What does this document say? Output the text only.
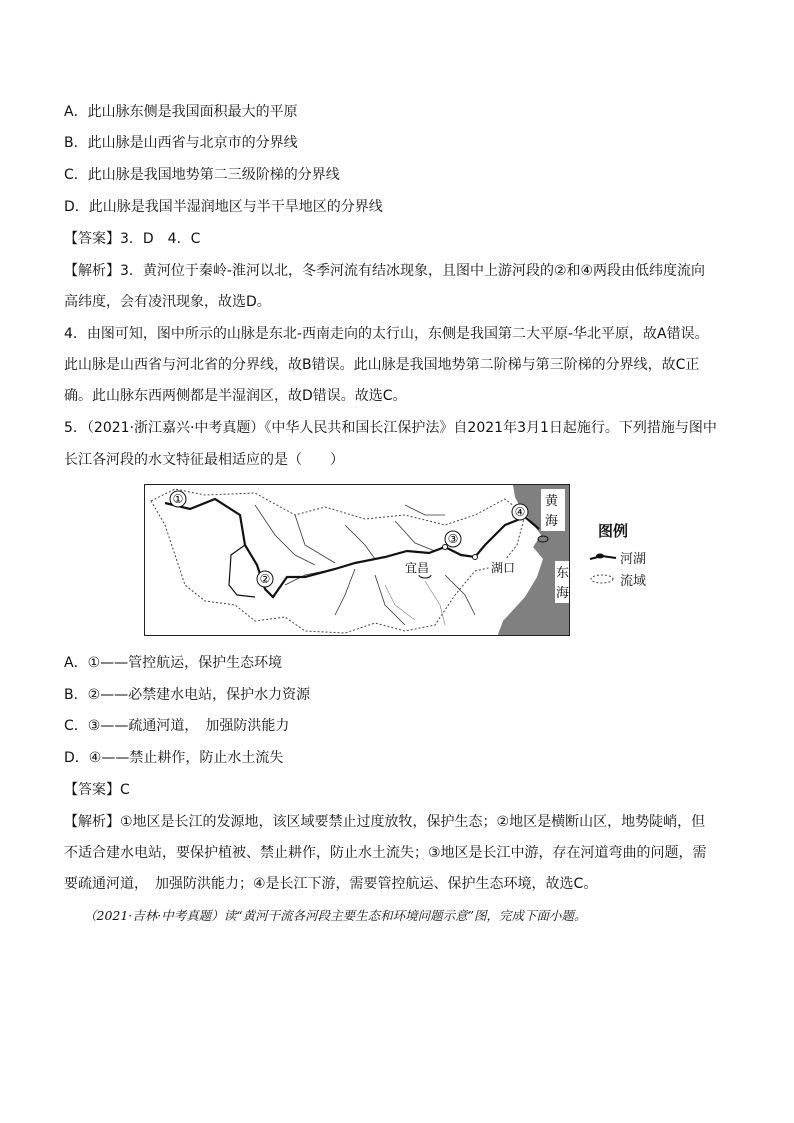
A．此山脉东侧是我国面积最大的平原
B．此山脉是山西省与北京市的分界线
C．此山脉是我国地势第二三级阶梯的分界线
D．此山脉是我国半湿润地区与半干旱地区的分界线
【答案】3．D　4．C
【解析】3．黄河位于秦岭-淮河以北，冬季河流有结冰现象，且图中上游河段的②和④两段由低纬度流向
高纬度，会有凌汛现象，故选D。
4．由图可知，图中所示的山脉是东北-西南走向的太行山，东侧是我国第二大平原-华北平原，故A错误。
此山脉是山西省与河北省的分界线，故B错误。此山脉是我国地势第二阶梯与第三阶梯的分界线，故C正
确。此山脉东西两侧都是半湿润区，故D错误。故选C。
5．（2021·浙江嘉兴·中考真题）《中华人民共和国长江保护法》自2021年3月1日起施行。下列措施与图中
长江各河段的水文特征最相适应的是（　　）
①
②
③
④
宜昌	湖口
黄
海
东
海
图例
河湖
流域
A．①——管控航运，保护生态环境
B．②——必禁建水电站，保护水力资源
C．③——疏通河道，　加强防洪能力
D．④——禁止耕作，防止水土流失
【答案】C
【解析】①地区是长江的发源地，该区域要禁止过度放牧，保护生态；②地区是横断山区，地势陡峭，但
不适合建水电站，要保护植被、禁止耕作，防止水土流失；③地区是长江中游，存在河道弯曲的问题，需
要疏通河道，　加强防洪能力；④是长江下游，需要管控航运、保护生态环境，故选C。
（2021·吉林·中考真题）读“黄河干流各河段主要生态和环境问题示意”图，完成下面小题。
